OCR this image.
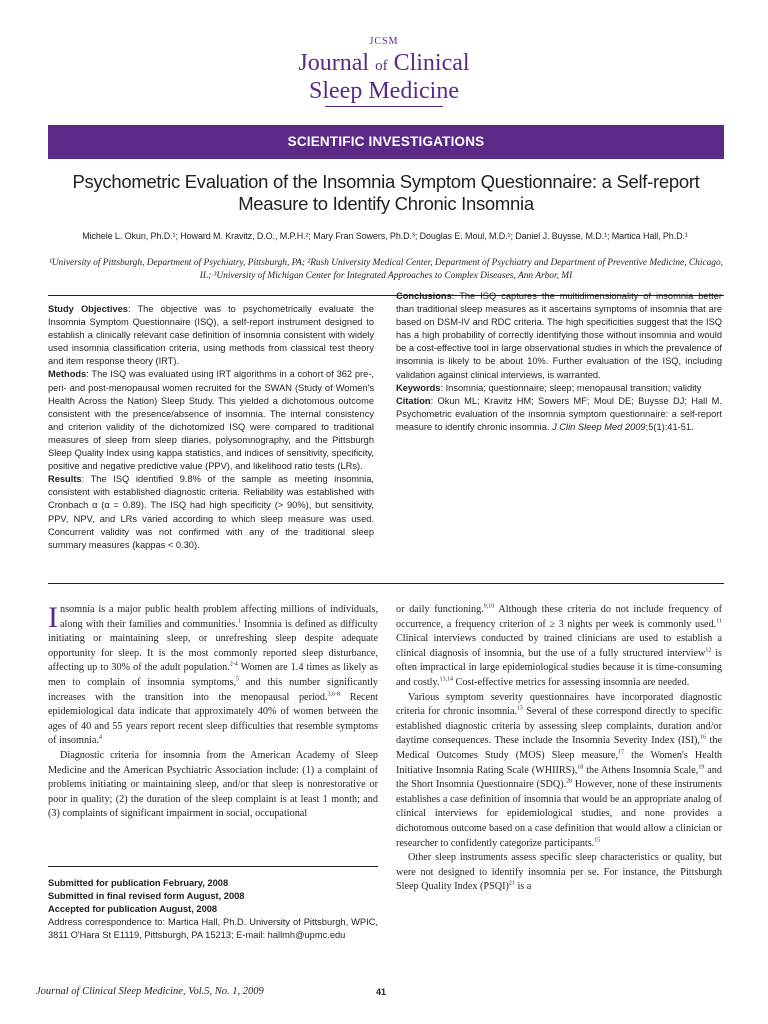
JCSM
Journal of Clinical
Sleep Medicine
SCIENTIFIC INVESTIGATIONS
Psychometric Evaluation of the Insomnia Symptom Questionnaire: a Self-report Measure to Identify Chronic Insomnia
Michele L. Okun, Ph.D.¹; Howard M. Kravitz, D.O., M.P.H.²; Mary Fran Sowers, Ph.D.³; Douglas E. Moul, M.D.¹; Daniel J. Buysse, M.D.¹; Martica Hall, Ph.D.¹
¹University of Pittsburgh, Department of Psychiatry, Pittsburgh, PA; ²Rush University Medical Center, Department of Psychiatry and Department of Preventive Medicine, Chicago, IL; ³University of Michigan Center for Integrated Approaches to Complex Diseases, Ann Arbor, MI

Study Objectives: The objective was to psychometrically evaluate the Insomnia Symptom Questionnaire (ISQ), a self-report instrument designed to establish a clinically relevant case definition of insomnia consistent with widely used insomnia classification criteria, using methods from classical test theory and item response theory (IRT).

Methods: The ISQ was evaluated using IRT algorithms in a cohort of 362 pre-, peri- and post-menopausal women recruited for the SWAN (Study of Women's Health Across the Nation) Sleep Study. This yielded a dichotomous outcome consistent with the presence/absence of insomnia. The internal consistency and criterion validity of the dichotomized ISQ were compared to traditional measures of sleep from sleep diaries, polysomnography, and the Pittsburgh Sleep Quality Index using kappa statistics, and indices of sensitivity, specificity, positive and negative predictive value (PPV), and likelihood ratio tests (LRs).

Results: The ISQ identified 9.8% of the sample as meeting insomnia, consistent with established diagnostic criteria. Reliability was established with Cronbach α (α = 0.89). The ISQ had high specificity (> 90%), but sensitivity, PPV, NPV, and LRs varied according to which sleep measure was used. Concurrent validity was not confirmed with any of the traditional sleep summary measures (kappas < 0.30).

Conclusions: The ISQ captures the multidimensionality of insomnia better than traditional sleep measures as it ascertains symptoms of insomnia that are based on DSM-IV and RDC criteria. The high specificities suggest that the ISQ has a high probability of correctly identifying those without insomnia and would be a cost-effective tool in large observational studies in which the prevalence of insomnia is likely to be about 10%. Further evaluation of the ISQ, including validation against clinical interviews, is warranted.

Keywords: Insomnia; questionnaire; sleep; menopausal transition; validity

Citation: Okun ML; Kravitz HM; Sowers MF; Moul DE; Buysse DJ; Hall M. Psychometric evaluation of the insomnia symptom questionnaire: a self-report measure to identify chronic insomnia. J Clin Sleep Med 2009;5(1):41-51.

Insomnia is a major public health problem affecting millions of individuals, along with their families and communities.$^1$ Insomnia is defined as difficulty initiating or maintaining sleep, or unrefreshing sleep despite adequate opportunity for sleep. It is the most commonly reported sleep disturbance, affecting up to 30% of the adult population.$^{2-4}$ Women are 1.4 times as likely as men to complain of insomnia symptoms,$^5$ and this number significantly increases with the transition into the menopausal period.$^{3,6-8}$ Recent epidemiological data indicate that approximately 40% of women between the ages of 40 and 55 years report recent sleep difficulties that resemble symptoms of insomnia.$^4$

Diagnostic criteria for insomnia from the American Academy of Sleep Medicine and the American Psychiatric Association include: (1) a complaint of problems initiating or maintaining sleep, and/or that sleep is nonrestorative or poor in quality; (2) the duration of the sleep complaint is at least 1 month; and (3) complaints of significant impairment in social, occupational

Submitted for publication February, 2008
Submitted in final revised form August, 2008
Accepted for publication August, 2008
Address correspondence to: Martica Hall, Ph.D. University of Pittsburgh, WPIC, 3811 O'Hara St E1119, Pittsburgh, PA 15213; E-mail: hallmh@upmc.edu

or daily functioning.$^{9,10}$ Although these criteria do not include frequency of occurrence, a frequency criterion of ≥ 3 nights per week is commonly used.$^{11}$ Clinical interviews conducted by trained clinicians are used to establish a clinical diagnosis of insomnia, but the use of a fully structured interview$^{12}$ is often impractical in large epidemiological studies because it is time-consuming and costly.$^{13,14}$ Cost-effective metrics for assessing insomnia are needed.

Various symptom severity questionnaires have incorporated diagnostic criteria for chronic insomnia.$^{15}$ Several of these correspond directly to specific established diagnostic criteria by assessing sleep complaints, duration and/or daytime consequences. These include the Insomnia Severity Index (ISI),$^{16}$ the Medical Outcomes Study (MOS) Sleep measure,$^{17}$ the Women's Health Initiative Insomnia Rating Scale (WHIIRS),$^{18}$ the Athens Insomnia Scale,$^{19}$ and the Short Insomnia Questionnaire (SDQ).$^{20}$ However, none of these instruments establishes a case definition of insomnia that would be an appropriate analog of clinical interviews for epidemiological studies, and none provides a dichotomous outcome based on a case definition that would allow a clinician or researcher to confidently categorize participants.$^{15}$

Other sleep instruments assess specific sleep characteristics or quality, but were not designed to identify insomnia per se. For instance, the Pittsburgh Sleep Quality Index (PSQI)$^{21}$ is a

Journal of Clinical Sleep Medicine, Vol.5, No. 1, 2009	41
